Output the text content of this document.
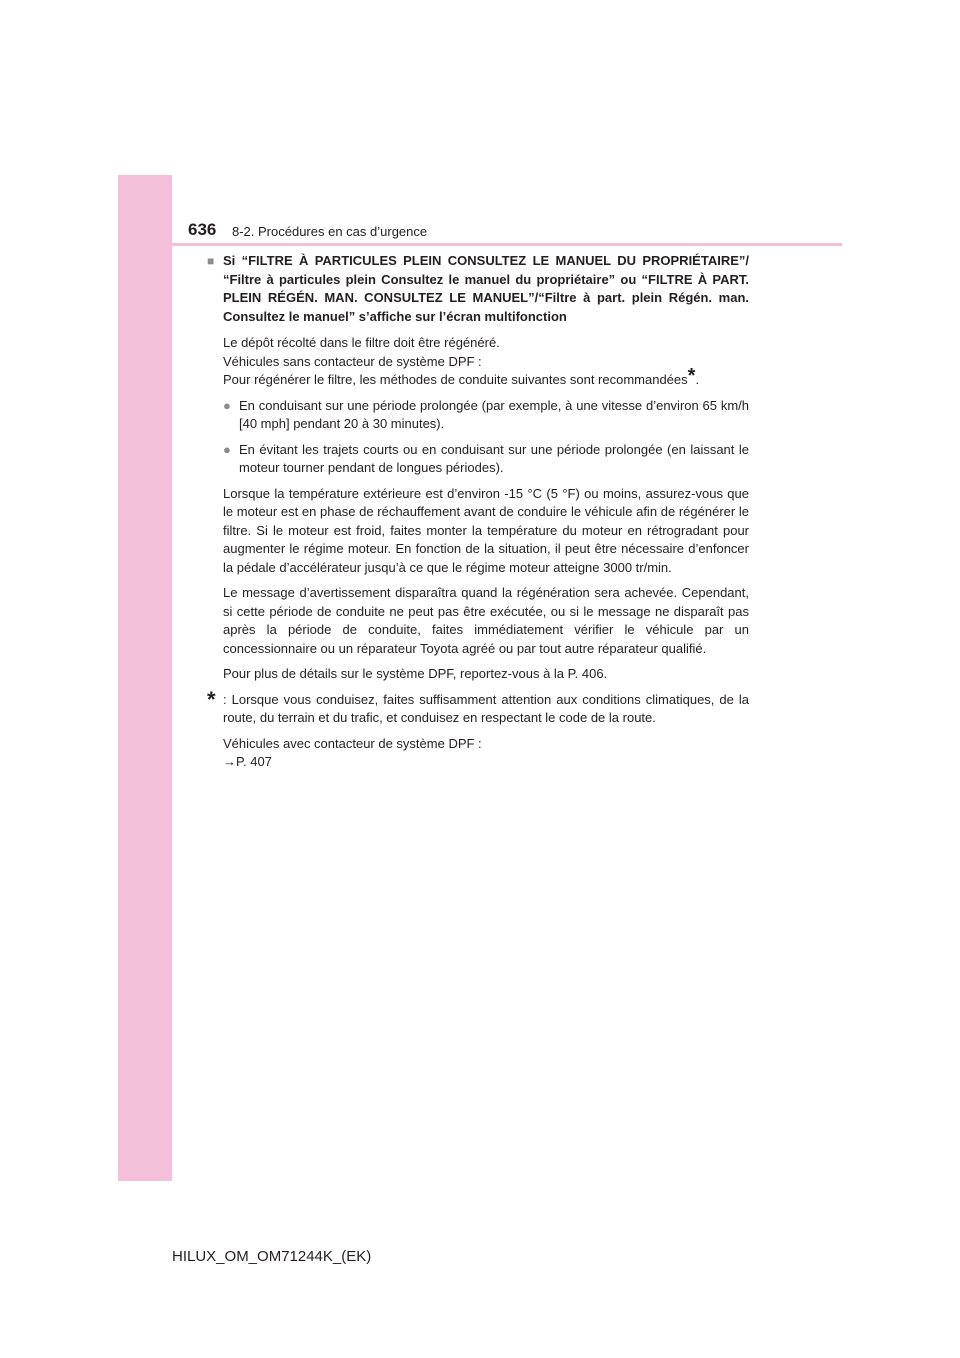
636 8-2. Procédures en cas d’urgence
■ Si “FILTRE À PARTICULES PLEIN CONSULTEZ LE MANUEL DU PROPRIÉTAIRE”/ “Filtre à particules plein Consultez le manuel du propriétaire” ou “FILTRE À PART. PLEIN RÉGÉN. MAN. CONSULTEZ LE MANUEL”/“Filtre à part. plein Régén. man. Consultez le manuel” s’affiche sur l’écran multifonction

Le dépôt récolté dans le filtre doit être régénéré.

Véhicules sans contacteur de système DPF :

Pour régénérer le filtre, les méthodes de conduite suivantes sont recommandées*.

● En conduisant sur une période prolongée (par exemple, à une vitesse d’environ 65 km/h [40 mph] pendant 20 à 30 minutes).
● En évitant les trajets courts ou en conduisant sur une période prolongée (en laissant le moteur tourner pendant de longues périodes).

Lorsque la température extérieure est d’environ -15 °C (5 °F) ou moins, assurez-vous que le moteur est en phase de réchauffement avant de conduire le véhicule afin de régénérer le filtre. Si le moteur est froid, faites monter la température du moteur en rétrogradant pour augmenter le régime moteur. En fonction de la situation, il peut être nécessaire d’enfoncer la pédale d’accélérateur jusqu’à ce que le régime moteur atteigne 3000 tr/min.

Le message d’avertissement disparaîtra quand la régénération sera achevée. Cependant, si cette période de conduite ne peut pas être exécutée, ou si le message ne disparaît pas après la période de conduite, faites immédiatement vérifier le véhicule par un concessionnaire ou un réparateur Toyota agréé ou par tout autre réparateur qualifié.

Pour plus de détails sur le système DPF, reportez-vous à la P. 406.

* : Lorsque vous conduisez, faites suffisamment attention aux conditions climatiques, de la route, du terrain et du trafic, et conduisez en respectant le code de la route.

Véhicules avec contacteur de système DPF :

→P. 407

HILUX_OM_OM71244K_(EK)
